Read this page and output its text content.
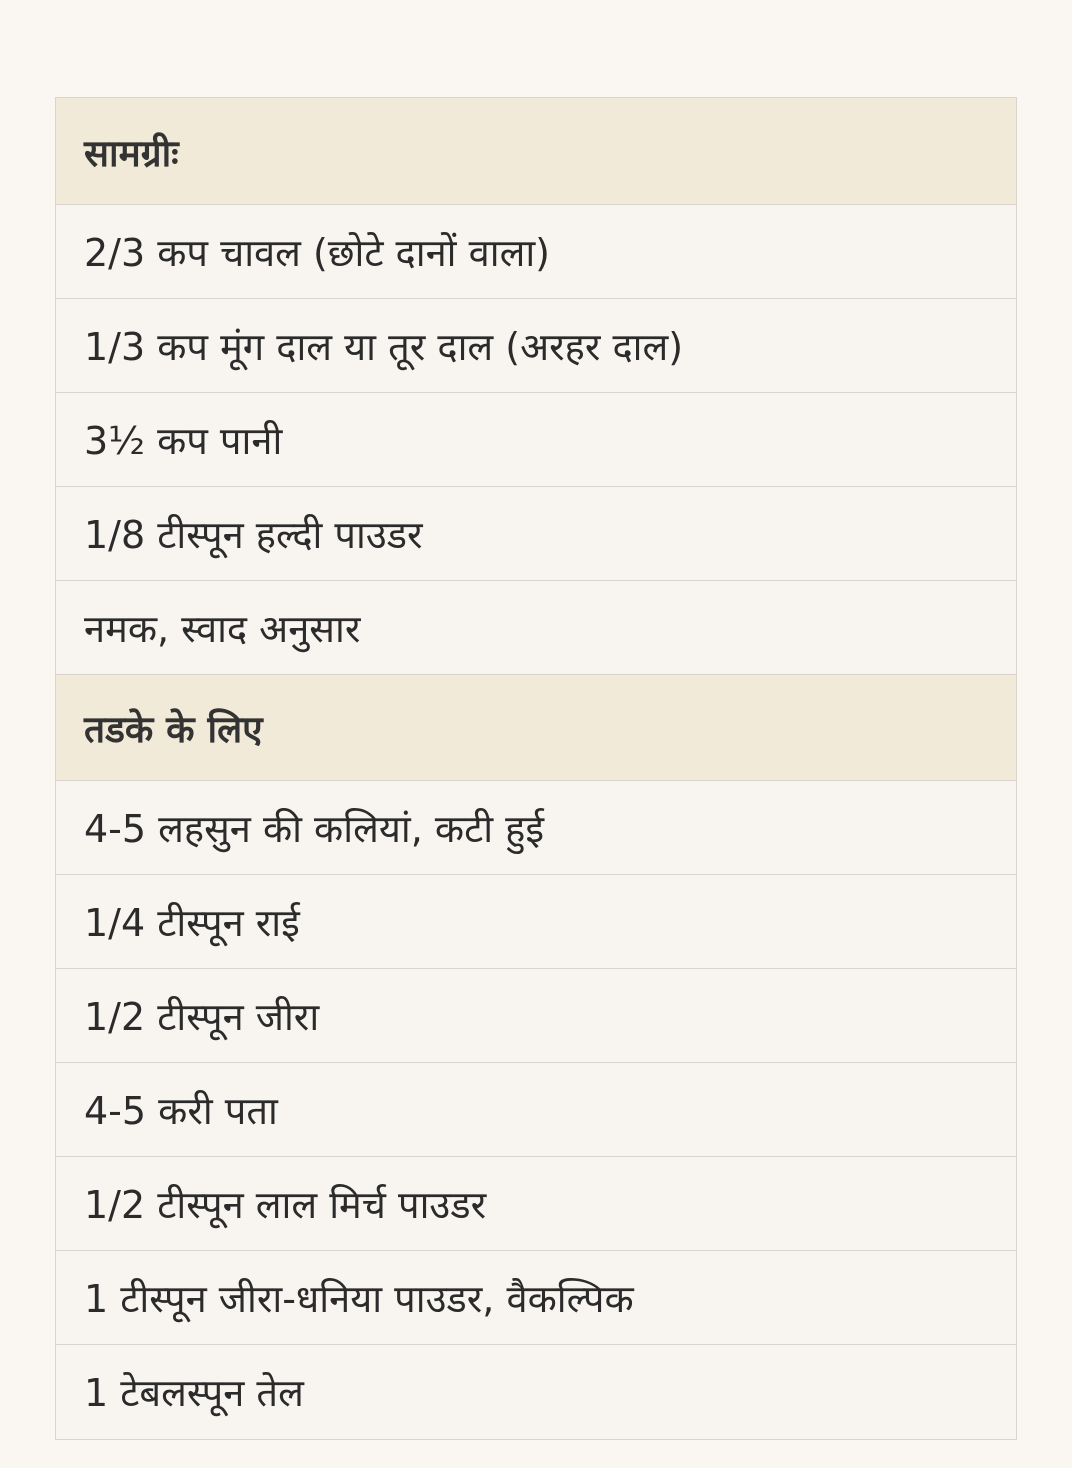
सामग्रीः
2/3 कप चावल (छोटे दानों वाला)
1/3 कप मूंग दाल या तूर दाल (अरहर दाल)
3½ कप पानी
1/8 टीस्पून हल्दी पाउडर
नमक, स्वाद अनुसार
तडके के लिए
4-5 लहसुन की कलियां, कटी हुई
1/4 टीस्पून राई
1/2 टीस्पून जीरा
4-5 करी पता
1/2 टीस्पून लाल मिर्च पाउडर
1 टीस्पून जीरा-धनिया पाउडर, वैकल्पिक
1 टेबलस्पून तेल
